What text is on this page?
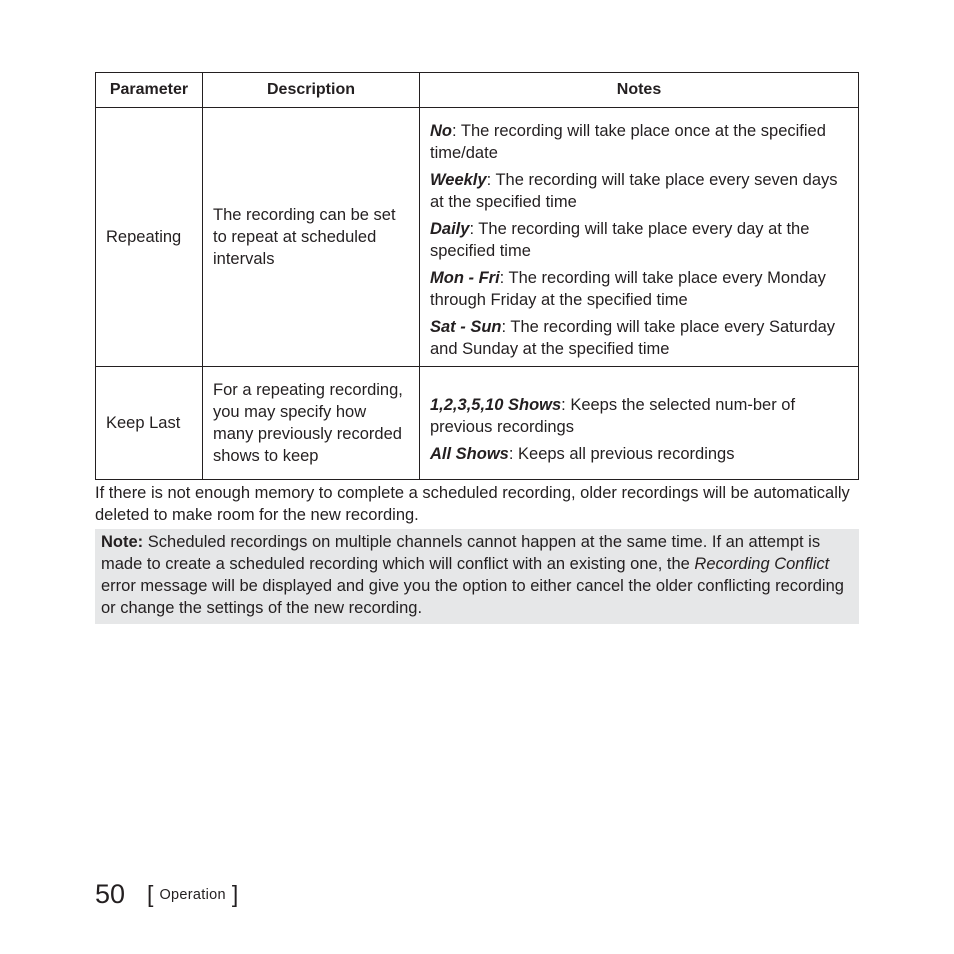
Parameter	Description	Notes
Repeating	The recording can be set to repeat at scheduled intervals	No: The recording will take place once at the specified time/date

Weekly: The recording will take place every seven days at the specified time

Daily: The recording will take place every day at the specified time

Mon - Fri: The recording will take place every Monday through Friday at the specified time

Sat - Sun: The recording will take place every Saturday and Sunday at the specified time

Keep Last	For a repeating recording, you may specify how many previously recorded shows to keep	1,2,3,5,10 Shows: Keeps the selected num-ber of previous recordings

All Shows: Keeps all previous recordings

If there is not enough memory to complete a scheduled recording, older recordings will be automatically deleted to make room for the new recording.

Note: Scheduled recordings on multiple channels cannot happen at the same time. If an attempt is made to create a scheduled recording which will conflict with an existing one, the Recording Conflict error message will be displayed and give you the option to either cancel the older conflicting recording or change the settings of the new recording.
50 [ Operation ]
